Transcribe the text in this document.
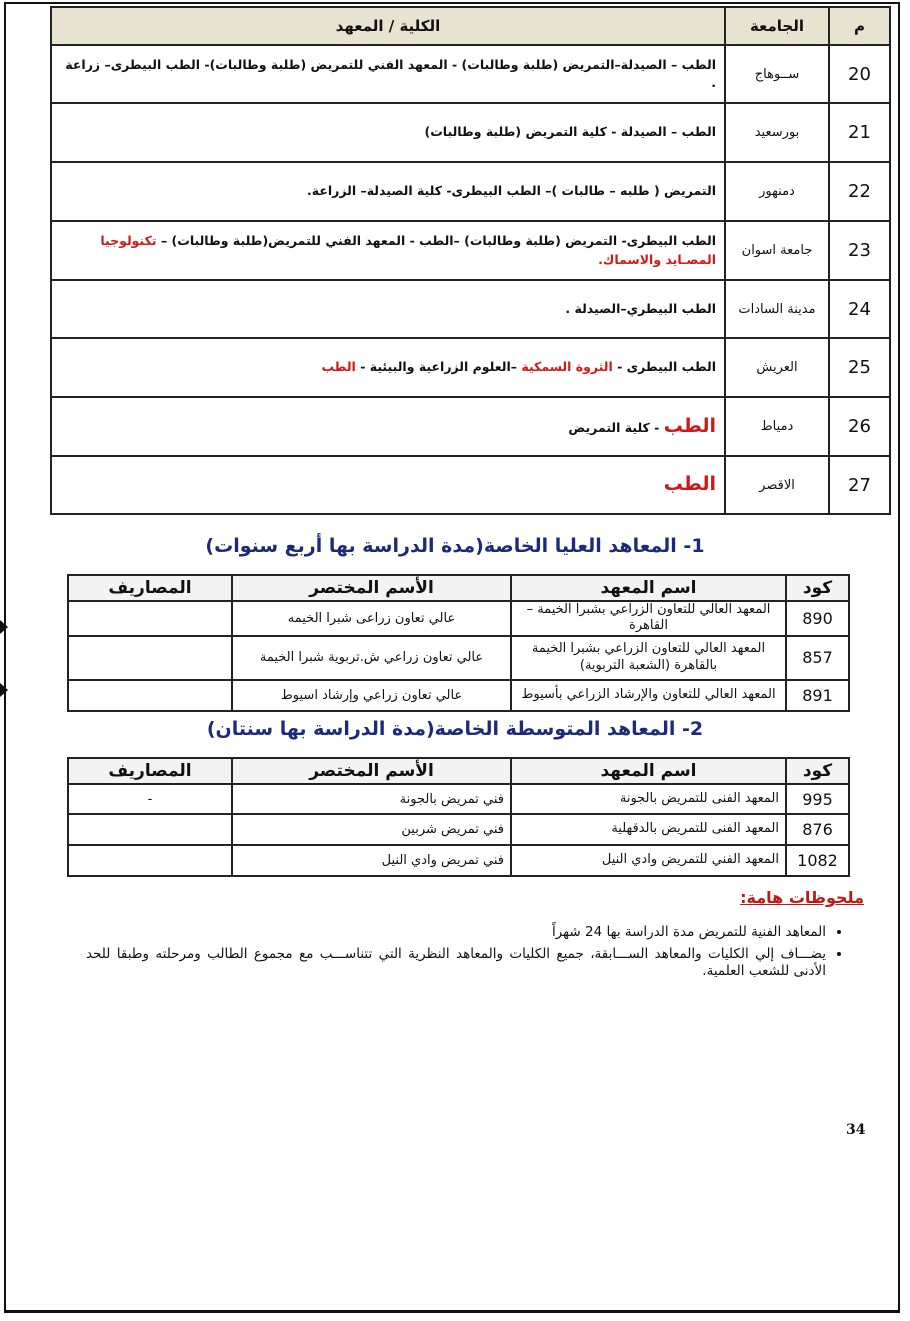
م	الجامعة	الكلية / المعهد
20	ســوهاج	الطب – الصيدلة–التمريض (طلبة وطالبات) - المعهد الفني للتمريض (طلبة وطالبات)- الطب البيطرى– زراعة .
21	بورسعيد	الطب – الصيدلة - كلية التمريض (طلبة وطالبات)
22	دمنهور	التمريض ( طلبه – طالبات )– الطب البيطرى- كلية الصيدلة– الزراعة.
23	جامعة اسوان	الطب البيطرى- التمريض (طلبة وطالبات) –الطب - المعهد الفني للتمريض(طلبة وطالبات) – تكنولوجيا المصـايد والاسماك.
24	مدينة السادات	الطب البيطري–الصيدلة .
25	العريش	الطب البيطرى - الثروة السمكية –العلوم الزراعية والبيئية - الطب
26	دمياط	الطب - كلية التمريض
27	الاقصر	الطب
1- المعاهد العليا الخاصة(مدة الدراسة بها أربع سنوات)
كود	اسم المعهد	الأسم المختصر	المصاريف
890	المعهد العالي للتعاون الزراعي بشبرا الخيمة – القاهرة	عالي تعاون زراعى شبرا الخيمه	
857	المعهد العالي للتعاون الزراعي بشبرا الخيمة بالقاهرة (الشعبة التربوية)	عالي تعاون زراعي ش.تربوية شبرا الخيمة	
891	المعهد العالي للتعاون والإرشاد الزراعي بأسيوط	عالي تعاون زراعي وإرشاد اسيوط	
2- المعاهد المتوسطة الخاصة(مدة الدراسة بها سنتان)
كود	اسم المعهد	الأسم المختصر	المصاريف
995	المعهد الفنى للتمريض بالجونة	فني تمريض بالجونة	-
876	المعهد الفنى للتمريض بالدقهلية	فني تمريض شربين	
1082	المعهد الفني للتمريض وادي النيل	فني تمريض وادي النيل	
ملحوظات هامة:
• المعاهد الفنية للتمريض مدة الدراسة بها 24 شهراً
• يضـــاف إلي الكليات والمعاهد الســـابقة، جميع الكليات والمعاهد النظرية التي تتناســـب مع مجموع الطالب ومرحلته وطبقا للحد الأدنى للشعب العلمية.
34
